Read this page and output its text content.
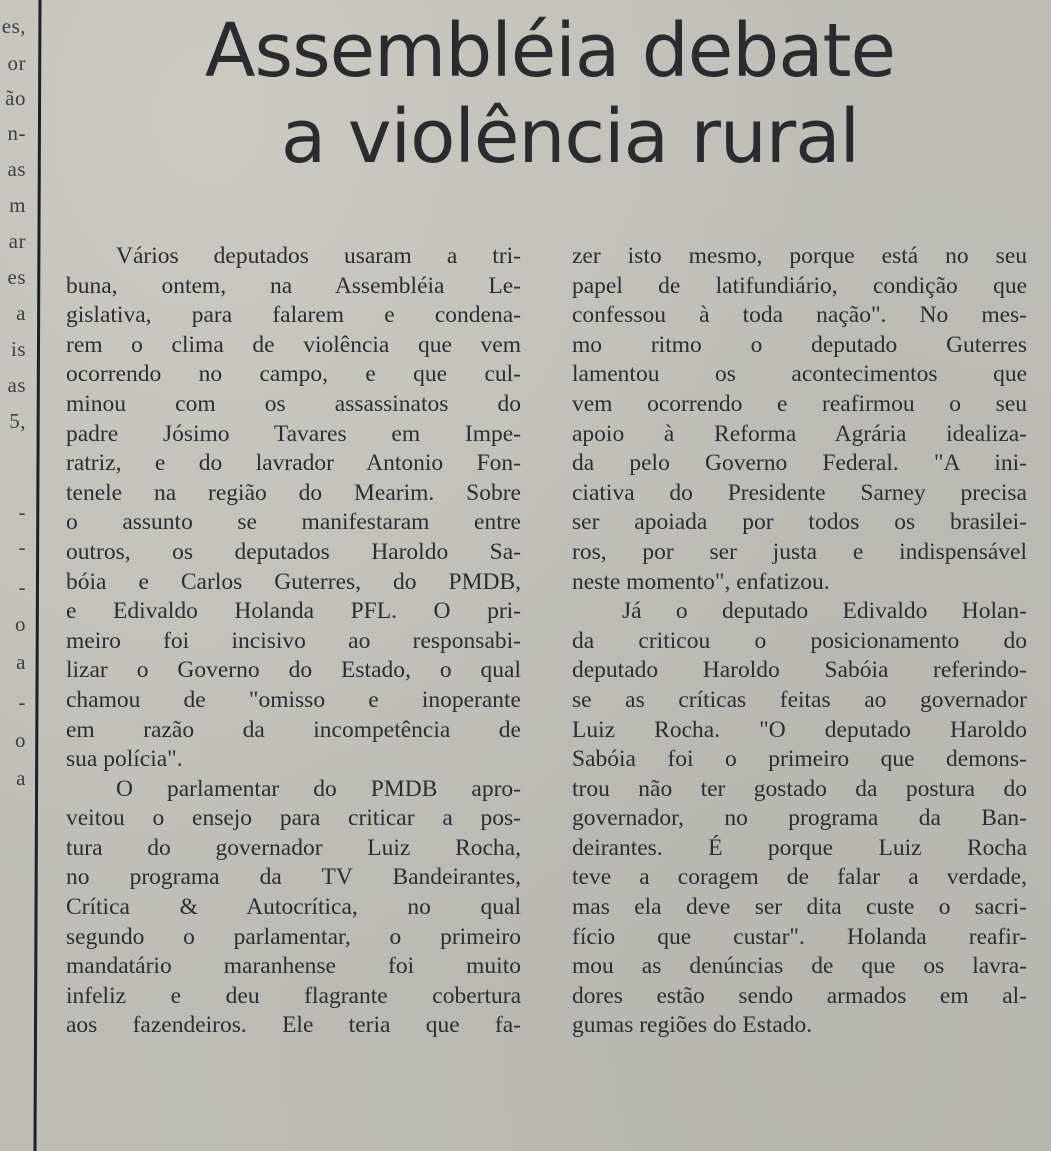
es,
or
ão
n-
as
m
ar
es
a
is
as
5,
-
-
-
o
a
-
o
a
Assembléia debate
a violência rural

Vários deputados usaram a tri-
buna, ontem, na Assembléia Le-
gislativa, para falarem e condena-
rem o clima de violência que vem
ocorrendo no campo, e que cul-
minou com os assassinatos do
padre Jósimo Tavares em Impe-
ratriz, e do lavrador Antonio Fon-
tenele na região do Mearim. Sobre
o assunto se manifestaram entre
outros, os deputados Haroldo Sa-
bóia e Carlos Guterres, do PMDB,
e Edivaldo Holanda PFL. O pri-
meiro foi incisivo ao responsabi-
lizar o Governo do Estado, o qual
chamou de "omisso e inoperante
em razão da incompetência de
sua polícia".

O parlamentar do PMDB apro-
veitou o ensejo para criticar a pos-
tura do governador Luiz Rocha,
no programa da TV Bandeirantes,
Crítica & Autocrítica, no qual
segundo o parlamentar, o primeiro
mandatário maranhense foi muito
infeliz e deu flagrante cobertura
aos fazendeiros. Ele teria que fa-

zer isto mesmo, porque está no seu
papel de latifundiário, condição que
confessou à toda nação". No mes-
mo ritmo o deputado Guterres
lamentou os acontecimentos que
vem ocorrendo e reafirmou o seu
apoio à Reforma Agrária idealiza-
da pelo Governo Federal. "A ini-
ciativa do Presidente Sarney precisa
ser apoiada por todos os brasilei-
ros, por ser justa e indispensável
neste momento", enfatizou.

Já o deputado Edivaldo Holan-
da criticou o posicionamento do
deputado Haroldo Sabóia referindo-
se as críticas feitas ao governador
Luiz Rocha. "O deputado Haroldo
Sabóia foi o primeiro que demons-
trou não ter gostado da postura do
governador, no programa da Ban-
deirantes. É porque Luiz Rocha
teve a coragem de falar a verdade,
mas ela deve ser dita custe o sacri-
fício que custar". Holanda reafir-
mou as denúncias de que os lavra-
dores estão sendo armados em al-
gumas regiões do Estado.
